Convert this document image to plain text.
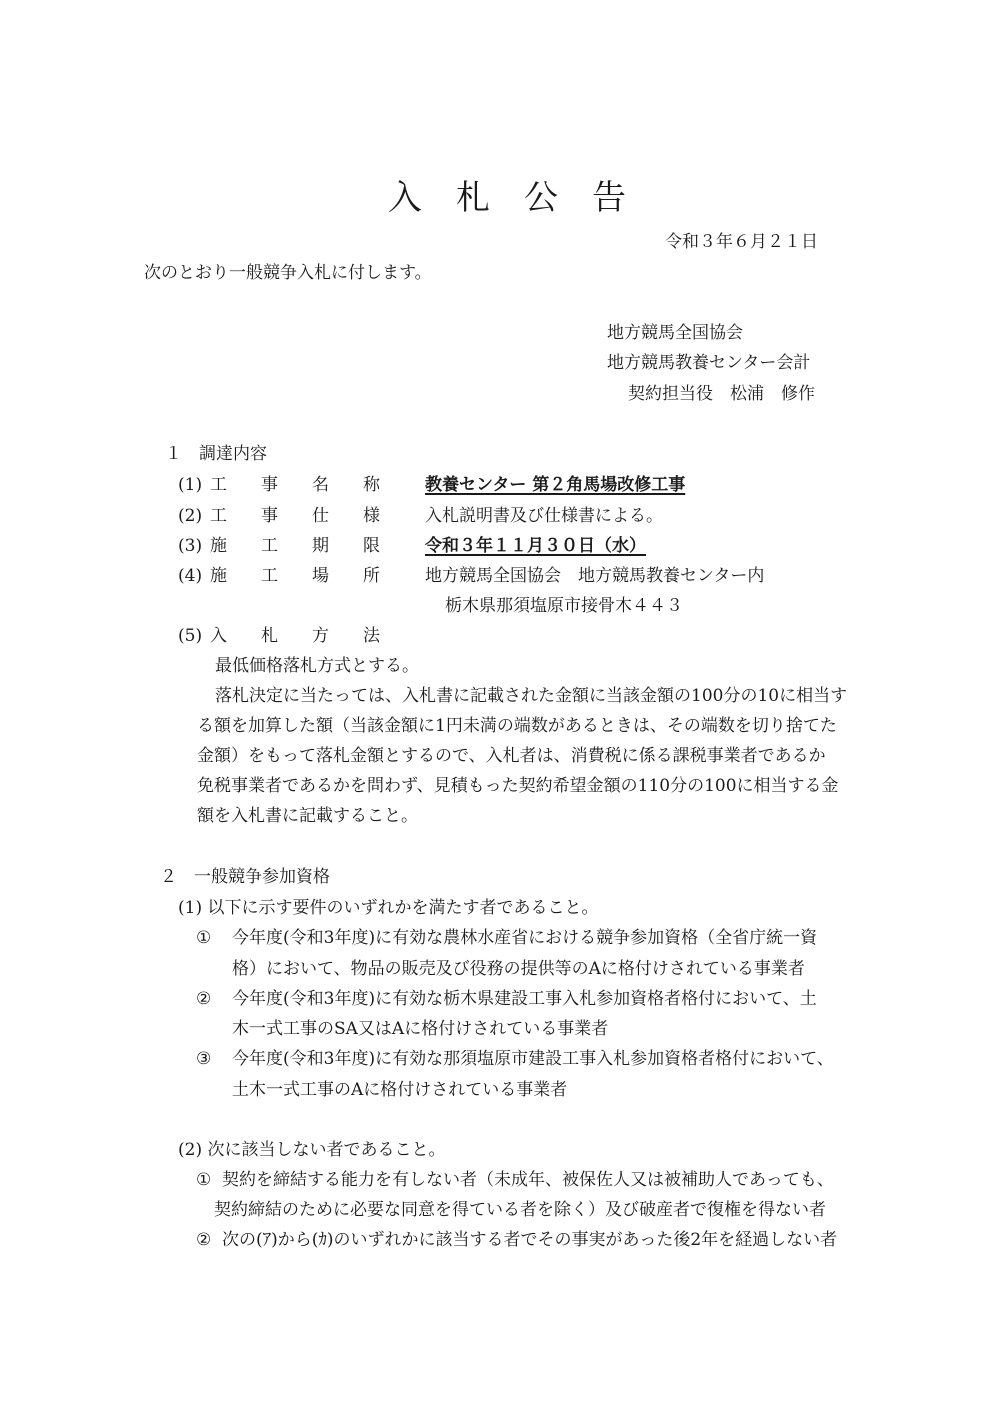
入　札　公　告
令和３年６月２１日
次のとおり一般競争入札に付します。
地方競馬全国協会
地方競馬教養センター会計
契約担当役　松浦　修作
１　調達内容
(1) 工　　事　　名　　称	教養センター 第２角馬場改修工事
(2) 工　　事　　仕　　様	入札説明書及び仕様書による。
(3) 施　　工　　期　　限	令和３年１１月３０日（水）
(4) 施　　工　　場　　所	地方競馬全国協会　地方競馬教養センター内
栃木県那須塩原市接骨木４４３
(5) 入　　札　　方　　法
最低価格落札方式とする。
落札決定に当たっては、入札書に記載された金額に当該金額の100分の10に相当す
る額を加算した額（当該金額に1円未満の端数があるときは、その端数を切り捨てた
金額）をもって落札金額とするので、入札者は、消費税に係る課税事業者であるか
免税事業者であるかを問わず、見積もった契約希望金額の110分の100に相当する金
額を入札書に記載すること。
２　一般競争参加資格
(1) 以下に示す要件のいずれかを満たす者であること。
① 今年度(令和3年度)に有効な農林水産省における競争参加資格（全省庁統一資
格）において、物品の販売及び役務の提供等のAに格付けされている事業者
② 今年度(令和3年度)に有効な栃木県建設工事入札参加資格者格付において、土
木一式工事のSA又はAに格付けされている事業者
③ 今年度(令和3年度)に有効な那須塩原市建設工事入札参加資格者格付において、
土木一式工事のAに格付けされている事業者
(2) 次に該当しない者であること。
① 契約を締結する能力を有しない者（未成年、被保佐人又は被補助人であっても、
契約締結のために必要な同意を得ている者を除く）及び破産者で復権を得ない者
② 次の(ｱ)から(ｶ)のいずれかに該当する者でその事実があった後2年を経過しない者
